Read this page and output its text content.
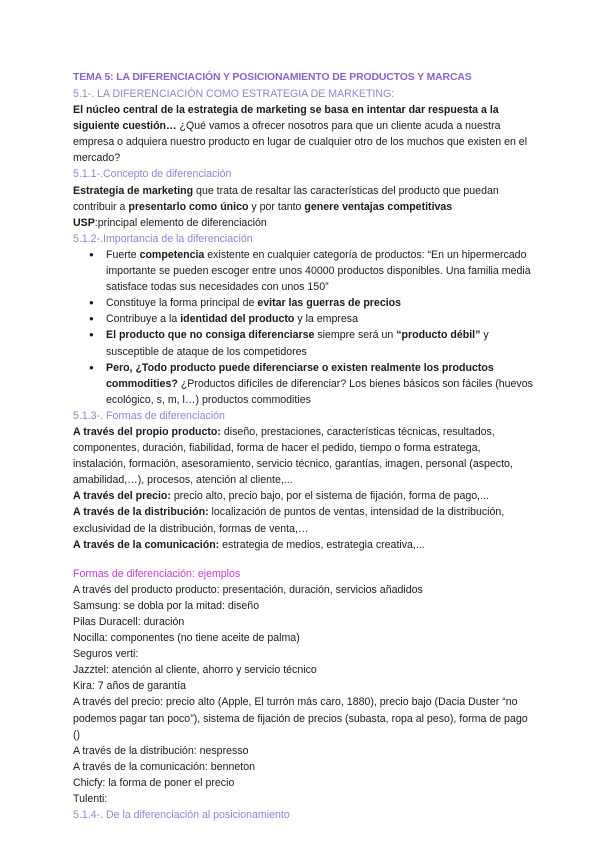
TEMA 5: LA DIFERENCIACIÓN Y POSICIONAMIENTO DE PRODUCTOS Y MARCAS

5.1-. LA DIFERENCIACIÓN COMO ESTRATEGIA DE MARKETING:

El núcleo central de la estrategia de marketing se basa en intentar dar respuesta a la siguiente cuestión… ¿Qué vamos a ofrecer nosotros para que un cliente acuda a nuestra empresa o adquiera nuestro producto en lugar de cualquier otro de los muchos que existen en el mercado?

5.1.1-.Concepto de diferenciación

Estrategia de marketing que trata de resaltar las características del producto que puedan contribuir a presentarlo como único y por tanto genere ventajas competitivas

USP:principal elemento de diferenciación

5.1.2-.Importancia de la diferenciación

● Fuerte competencia existente en cualquier categoría de productos: “En un hipermercado importante se pueden escoger entre unos 40000 productos disponibles. Una familia media satisface todas sus necesidades con unos 150”
● Constituye la forma principal de evitar las guerras de precios
● Contribuye a la identidad del producto y la empresa
● El producto que no consiga diferenciarse siempre será un “producto débil” y susceptible de ataque de los competidores
● Pero, ¿Todo producto puede diferenciarse o existen realmente los productos commodities? ¿Productos difíciles de diferenciar? Los bienes básicos son fáciles (huevos ecológico, s, m, l…) productos commodities

5.1.3-. Formas de diferenciación

A través del propio producto: diseño, prestaciones, características técnicas, resultados, componentes, duración, fiabilidad, forma de hacer el pedido, tiempo o forma estratega, instalación, formación, asesoramiento, servicio técnico, garantías, imagen, personal (aspecto, amabilidad,…), procesos, atención al cliente,...

A través del precio: precio alto, precio bajo, por el sistema de fijación, forma de pago,...

A través de la distribución: localización de puntos de ventas, intensidad de la distribución, exclusividad de la distribución, formas de venta,…

A través de la comunicación: estrategia de medios, estrategia creativa,...

Formas de diferenciación: ejemplos

A través del producto producto: presentación, duración, servicios añadidos

Samsung: se dobla por la mitad: diseño

Pilas Duracell: duración

Nocilla: componentes (no tiene aceite de palma)

Seguros verti:

Jazztel: atención al cliente, ahorro y servicio técnico

Kira: 7 años de garantía

A través del precio: precio alto (Apple, El turrón más caro, 1880), precio bajo (Dacia Duster “no podemos pagar tan poco”), sistema de fijación de precios (subasta, ropa al peso), forma de pago ()

A través de la distribución: nespresso

A través de la comunicación: benneton

Chicfy: la forma de poner el precio

Tulenti:

5.1.4-. De la diferenciación al posicionamiento
